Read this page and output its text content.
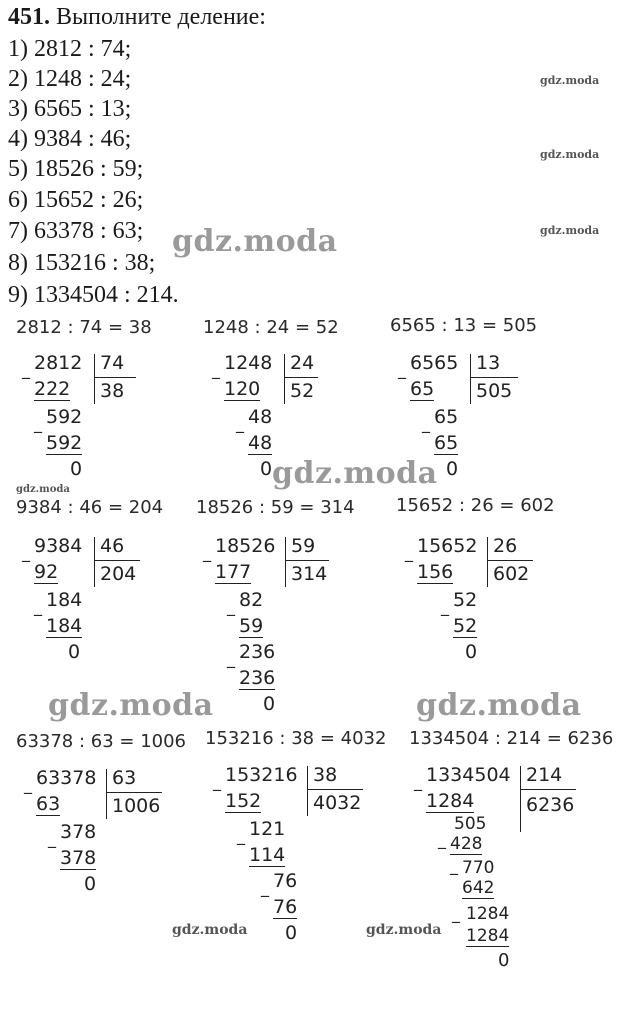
451. Выполните деление:
1) 2812 : 74;
2) 1248 : 24;
3) 6565 : 13;
4) 9384 : 46;
5) 18526 : 59;
6) 15652 : 26;
7) 63378 : 63;
8) 153216 : 38;
9) 1334504 : 214.
gdz.moda
gdz.moda
gdz.moda
gdz.moda
gdz.moda	gdz.moda
gdz.moda	gdz.moda
gdz.moda	gdz.moda
2812 : 74 = 38	1248 : 24 = 52	6565 : 13 = 505
9384 : 46 = 204 18526 : 59 = 314 15652 : 26 = 602
63378 : 63 = 1006 153216 : 38 = 4032 1334504 : 214 = 6236
_ 2812 74
38
222
_ 592
592
0
_ 1248 24
52
120
_ 48
48
0
_ 6565 13
505
65
_ 65
65
0
_ 9384 46
204
92
_ 184
184
0
_ 18526 59
314
177
_ 82
59
_ 236
236
0
_ 15652 26
602
156
_ 52
52
0
_ 63378 63
1006
63
_ 378
378
0
_ 153216 38
4032
152
_ 121
114
_ 76
76
0
_ 1334504 214
6236
1284
505
_ 428
_ 770
642
_ 1284
1284
0
